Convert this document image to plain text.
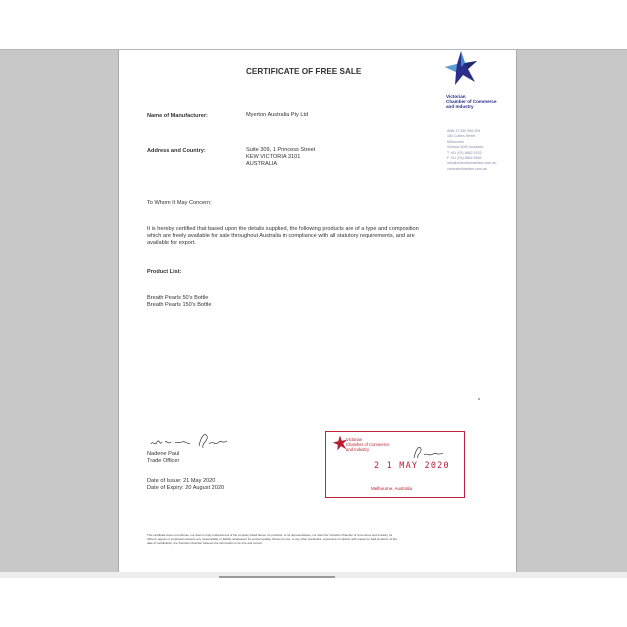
CERTIFICATE OF FREE SALE
Victorian
Chamber of Commerce
and Industry
ABN 37 650 959 904
150 Collins Street
Melbourne
Victoria 3000 Australia
T +61 (03) 8662 5333
F +61 (03) 8662 5462
info@victorianchamber.com.au
victorianchamber.com.au
Name of Manufacturer:	Myerton Australia Pty Ltd
Address and Country:	Suite 309, 1 Princess Street
KEW VICTORIA 3101
AUSTRALIA
To Whom It May Concern;
It is hereby certified that based upon the details supplied, the following products are of a type and composition
which are freely available for sale throughout Australia in compliance with all statutory requirements, and are
available for export.
Product List:
Breath Pearls 50's Bottle
Breath Pearls 150's Bottle
Nadene Paul
Trade Officer
Date of Issue: 21 May 2020
Date of Expiry: 20 August 2020
Victorian
Chamber of Commerce
and Industry
2 1 MAY 2020
Melbourne, Australia
This certificate does not endorse, nor does it imply endorsement of the company listed above, its products, or its representatives, nor does the Victorian Chamber of Commerce and Industry, its
officers, agents or employees assume any responsibility or liability whatsoever for product quality, fitness for use, or any other warranties, expressed or implied, with respect to said products. At the
date of Certification, the Victorian Chamber believes the information to be true and correct.
